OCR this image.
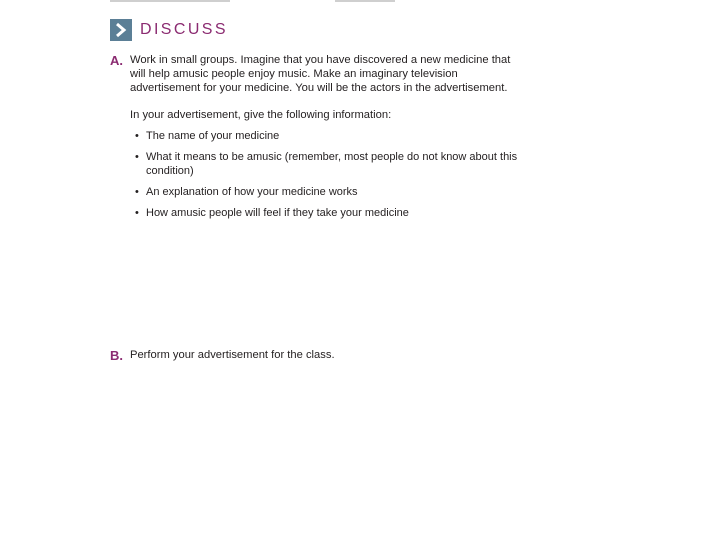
DISCUSS
A. Work in small groups. Imagine that you have discovered a new medicine that will help amusic people enjoy music. Make an imaginary television advertisement for your medicine. You will be the actors in the advertisement.

In your advertisement, give the following information:

• The name of your medicine
• What it means to be amusic (remember, most people do not know about this condition)
• An explanation of how your medicine works
• How amusic people will feel if they take your medicine
B. Perform your advertisement for the class.
